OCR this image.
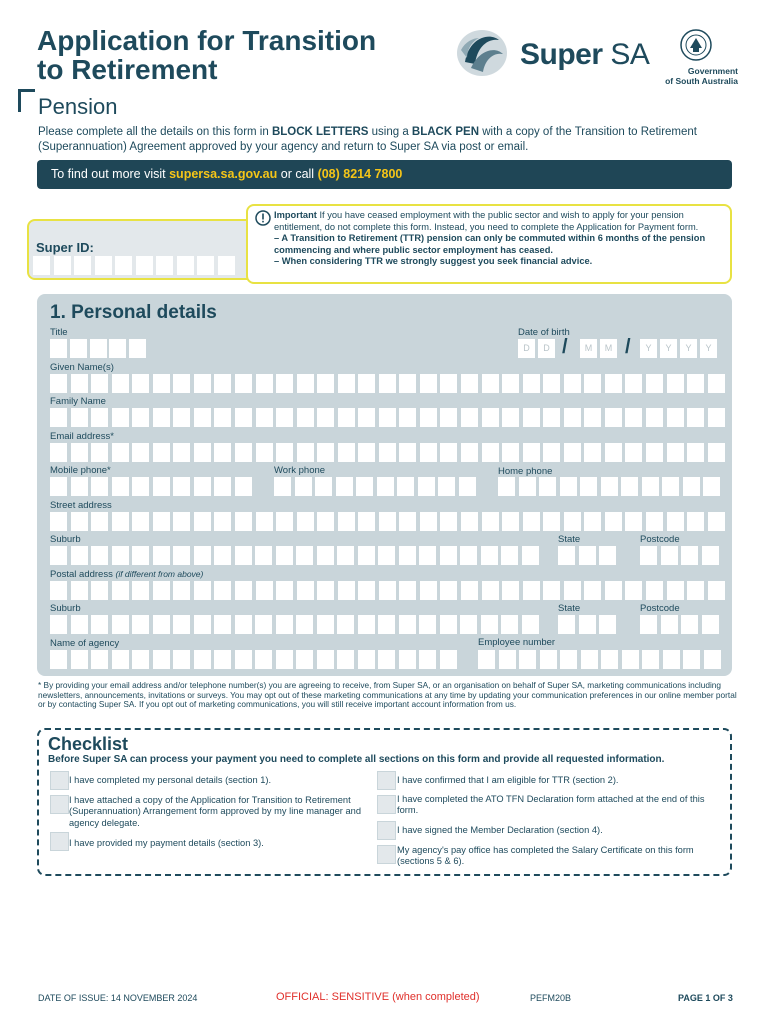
Application for Transition
to Retirement
Pension
Super SA	Government
of South Australia
Please complete all the details on this form in BLOCK LETTERS using a BLACK PEN with a copy of the Transition to Retirement (Superannuation) Agreement approved by your agency and return to Super SA via post or email.
To find out more visit supersa.sa.gov.au or call (08) 8214 7800
Super ID:
Important If you have ceased employment with the public sector and wish to apply for your pension entitlement, do not complete this form. Instead, you need to complete the Application for Payment form.
– A Transition to Retirement (TTR) pension can only be commuted within 6 months of the pension commencing and where public sector employment has ceased.
– When considering TTR we strongly suggest you seek financial advice.
1. Personal details
Title	Date of birth
Given Name(s)
Family Name
Email address*
Mobile phone*	Work phone	Home phone
Street address
Suburb	State	Postcode
Postal address (if different from above)
Suburb	State	Postcode
Name of agency	Employee number
D	D	M	M	Y	Y	Y	Y
/	/
* By providing your email address and/or telephone number(s) you are agreeing to receive, from Super SA, or an organisation on behalf of Super SA, marketing communications including newsletters, announcements, invitations or surveys. You may opt out of these marketing communications at any time by updating your communication preferences in our online member portal or by contacting Super SA. If you opt out of marketing communications, you will still receive important account information from us.
Checklist
Before Super SA can process your payment you need to complete all sections on this form and provide all requested information.
I have completed my personal details (section 1).
I have attached a copy of the Application for Transition to Retirement (Superannuation) Arrangement form approved by my line manager and agency delegate.
I have provided my payment details (section 3).
I have confirmed that I am eligible for TTR (section 2).
I have completed the ATO TFN Declaration form attached at the end of this form.
I have signed the Member Declaration (section 4).
My agency's pay office has completed the Salary Certificate on this form (sections 5 & 6).
DATE OF ISSUE: 14 NOVEMBER 2024	OFFICIAL: SENSITIVE (when completed)	PEFM20B	PAGE 1 OF 3
